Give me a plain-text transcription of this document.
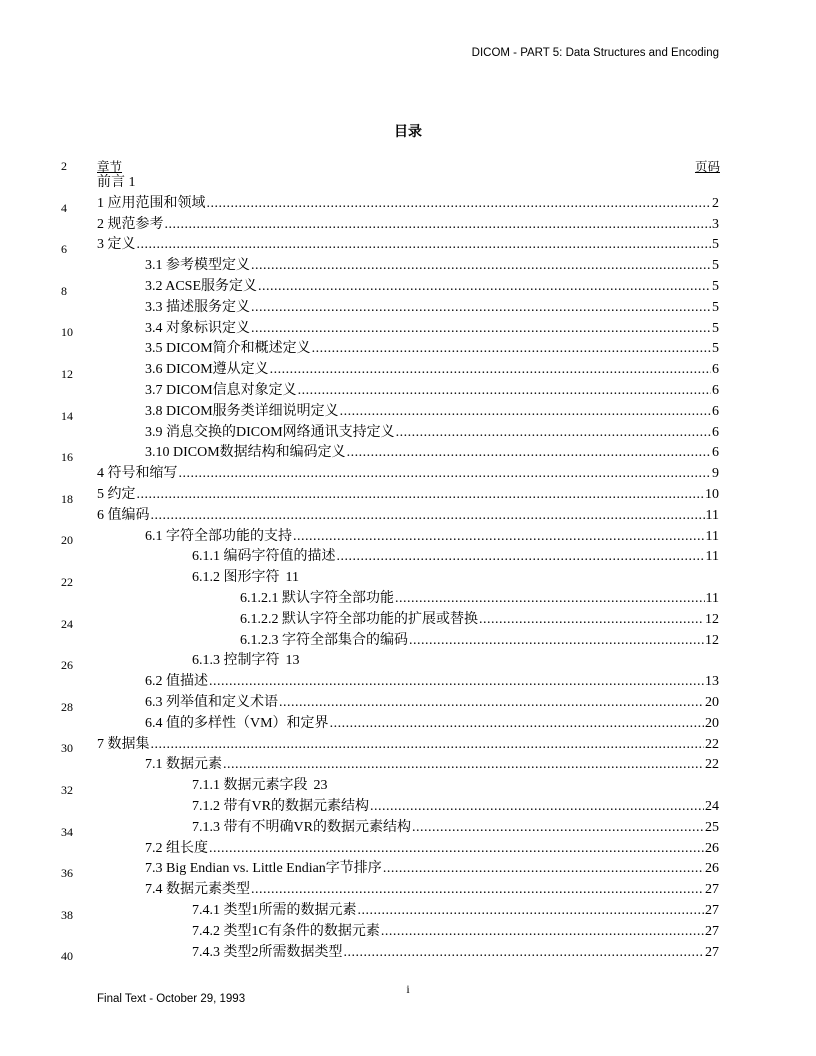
DICOM - PART 5: Data Structures and Encoding
目录
章节	页码
2
4
6
8
10
12
14
16
18
20
22
24
26
28
30
32
34
36
38
40
前言 1
1 应用范围和领域 .....	2
2 规范参考 .....	3
3 定义 .....	5
3.1 参考模型定义 .....	5
3.2 ACSE服务定义 .....	5
3.3 描述服务定义 .....	5
3.4 对象标识定义 .....	5
3.5 DICOM简介和概述定义 .....	5
3.6 DICOM遵从定义 .....	6
3.7 DICOM信息对象定义 .....	6
3.8 DICOM服务类详细说明定义 .....	6
3.9 消息交换的DICOM网络通讯支持定义 .....	6
3.10 DICOM数据结构和编码定义 .....	6
4 符号和缩写 .....	9
5 约定 .....	10
6 值编码 .....	11
6.1 字符全部功能的支持 .....	11
6.1.1 编码字符值的描述 .....	11
6.1.2 图形字符 11
6.1.2.1 默认字符全部功能 .....	11
6.1.2.2 默认字符全部功能的扩展或替换 .....	12
6.1.2.3 字符全部集合的编码 .....	12
6.1.3 控制字符 13
6.2 值描述 .....	13
6.3 列举值和定义术语 .....	20
6.4 值的多样性（VM）和定界 .....	20
7 数据集 .....	22
7.1 数据元素 .....	22
7.1.1 数据元素字段 23
7.1.2 带有VR的数据元素结构 .....	24
7.1.3 带有不明确VR的数据元素结构 .....	25
7.2 组长度 .....	26
7.3 Big Endian vs. Little Endian字节排序 .....	26
7.4 数据元素类型 .....	27
7.4.1 类型1所需的数据元素 .....	27
7.4.2 类型1C有条件的数据元素 .....	27
7.4.3 类型2所需数据类型 .....	27
i
Final Text - October 29, 1993
